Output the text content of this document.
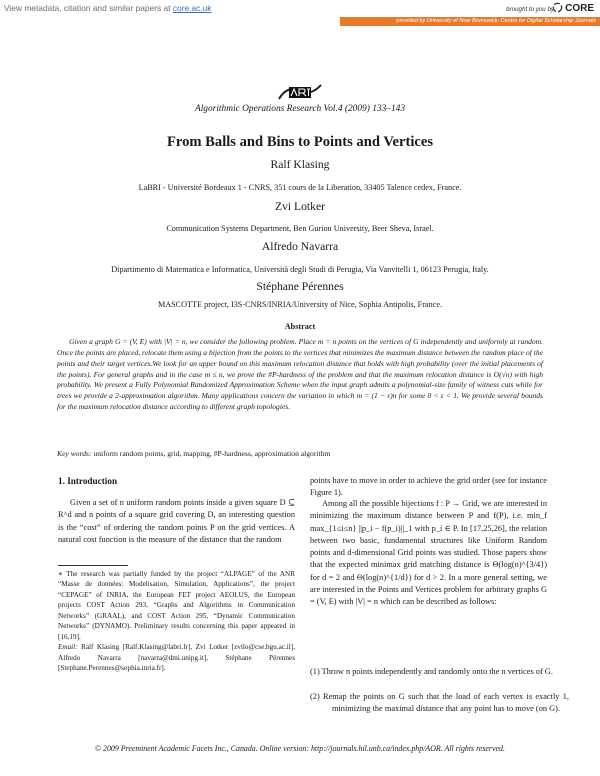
View metadata, citation and similar papers at core.ac.uk	brought to you by	CORE
provided by University of New Brunswick: Centre for Digital Scholarship Journals
Algorithmic Operations Research Vol.4 (2009) 133–143
From Balls and Bins to Points and Vertices
Ralf Klasing
LaBRI - Université Bordeaux 1 - CNRS, 351 cours de la Liberation, 33405 Talence cedex, France.
Zvi Lotker
Communication Systems Department, Ben Gurion University, Beer Sheva, Israel.
Alfredo Navarra
Dipartimento di Matematica e Informatica, Università degli Studi di Perugia, Via Vanvitelli 1, 06123 Perugia, Italy.
Stéphane Pérennes
MASCOTTE project, I3S-CNRS/INRIA/University of Nice, Sophia Antipolis, France.
Abstract
Given a graph G = (V, E) with |V| = n, we consider the following problem. Place m = n points on the vertices of G independently and uniformly at random. Once the points are placed, relocate them using a bijection from the points to the vertices that minimizes the maximum distance between the random place of the points and their target vertices.We look for an upper bound on this maximum relocation distance that holds with high probability (over the initial placements of the points). For general graphs and in the case m ≤ n, we prove the #P-hardness of the problem and that the maximum relocation distance is O(√n) with high probability. We present a Fully Polynomial Randomized Approximation Scheme when the input graph admits a polynomial-size family of witness cuts while for trees we provide a 2-approximation algorithm. Many applications concern the variation in which m = (1 − ε)n for some 0 < ε < 1. We provide several bounds for the maximum relocation distance according to different graph topologies.
Key words: uniform random points, grid, mapping, #P-hardness, approximation algorithm
1. Introduction
Given a set of n uniform random points inside a given square D ⊆ R^d and n points of a square grid covering D, an interesting question is the “cost” of ordering the random points P on the grid vertices. A natural cost function is the measure of the distance that the random
∗ The research was partially funded by the project “ALPAGE” of the ANR “Masse de données: Modelisation, Simulation, Applications”, the project “CEPAGE” of INRIA, the European FET project AEOLUS, the European projects COST Action 293, “Graphs and Algorithms in Communication Networks” (GRAAL), and COST Action 295, “Dynamic Communication Networks” (DYNAMO). Preliminary results concerning this paper appeared in [16,19].
Email: Ralf Klasing [Ralf.Klasing@labri.fr], Zvi Lotker [zvilo@cse.bgu.ac.il], Alfredo Navarra [navarra@dmi.unipg.it], Stéphane Pérennes [Stephane.Perennes@sophia.inria.fr].
points have to move in order to achieve the grid order (see for instance Figure 1).
Among all the possible bijections f : P → Grid, we are interested in minimizing the maximum distance between P and f(P), i.e. min_f max_{1≤i≤n} ||p_i − f(p_i)||_1 with p_i ∈ P. In [17,25,26], the relation between two basic, fundamental structures like Uniform Random points and d-dimensional Grid points was studied. Those papers show that the expected minimax grid matching distance is Θ(log(n)^{3/4}) for d = 2 and Θ(log(n)^{1/d}) for d > 2. In a more general setting, we are interested in the Points and Vertices problem for arbitrary graphs G = (V, E) with |V| = n which can be described as follows:
(1) Throw n points independently and randomly onto the n vertices of G.
(2) Remap the points on G such that the load of each vertex is exactly 1, minimizing the maximal distance that any point has to move (on G).
© 2009 Preeminent Academic Facets Inc., Canada. Online version: http://journals.hil.unb.ca/index.php/AOR. All rights reserved.
